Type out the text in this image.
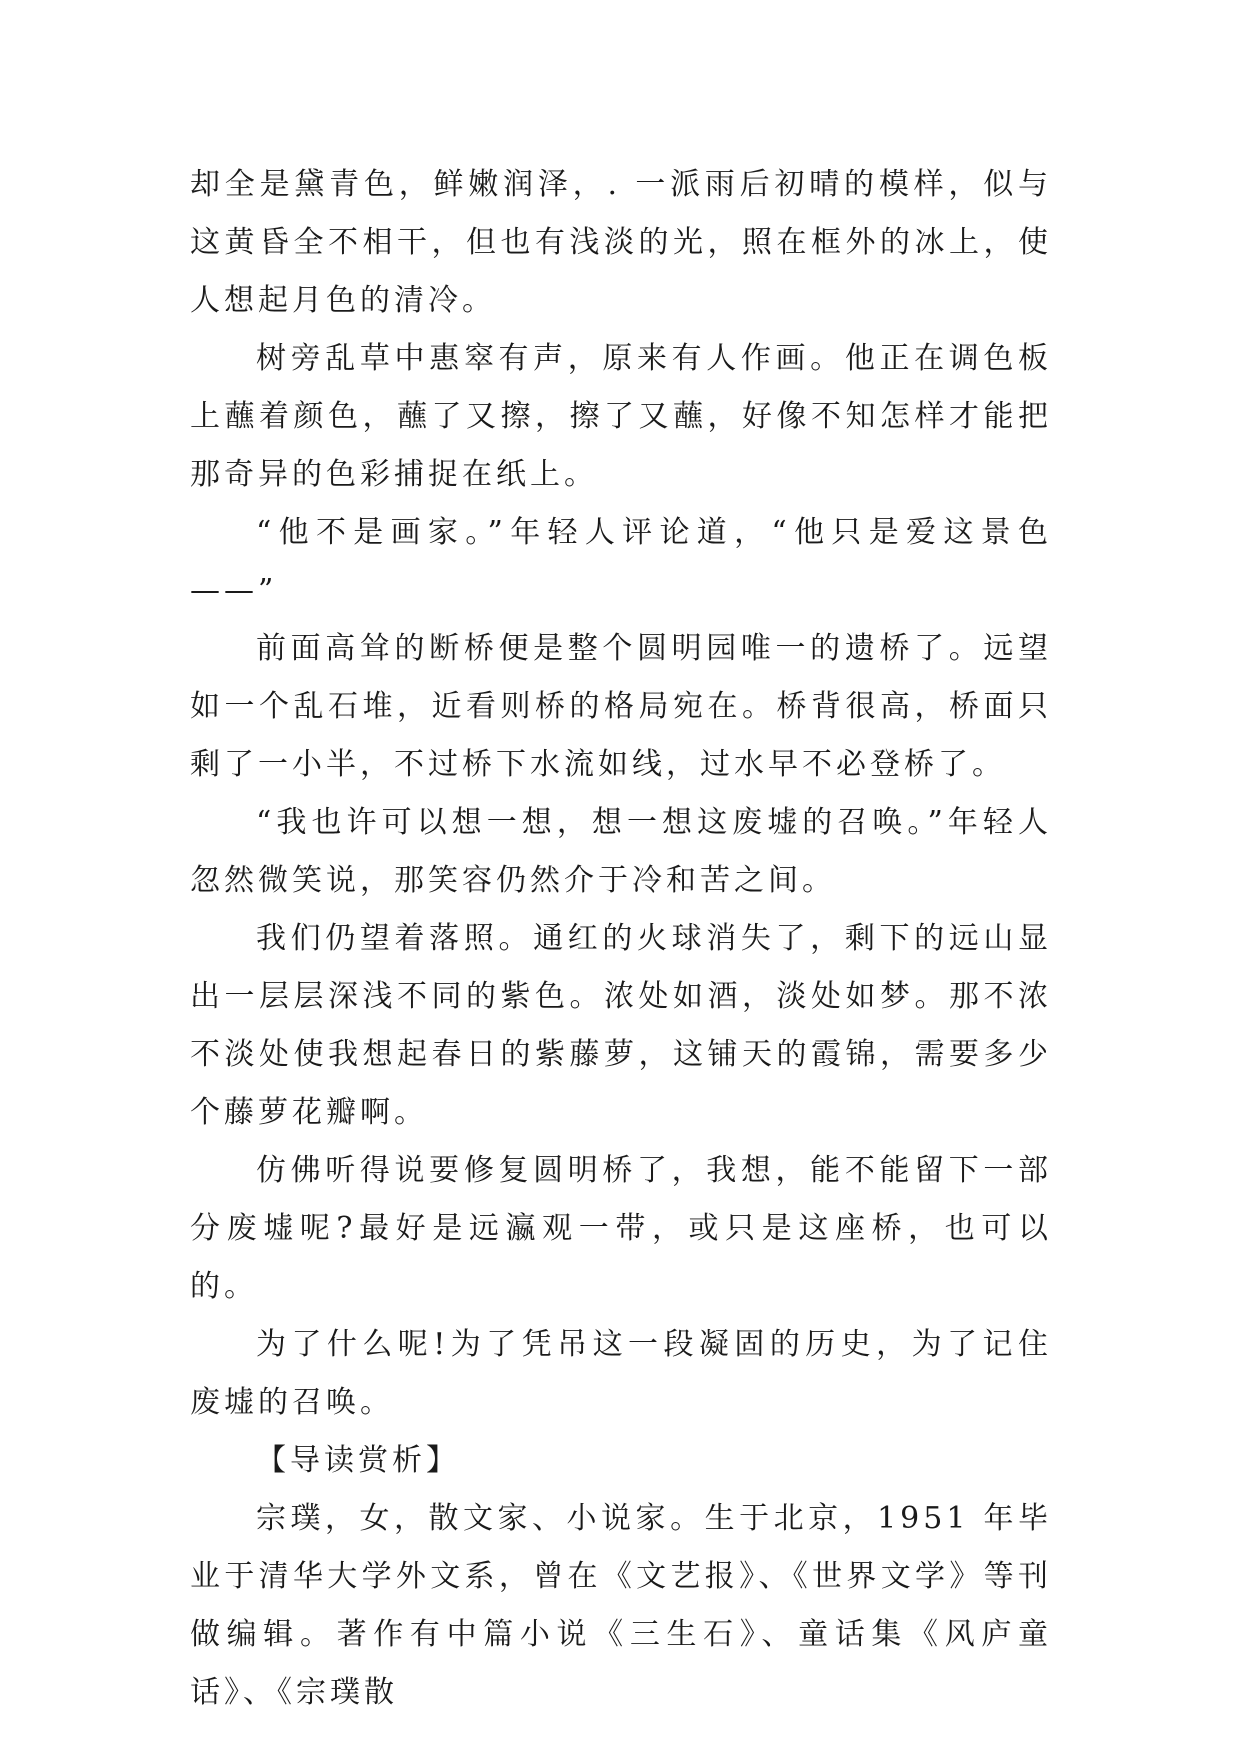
却全是黛青色，鲜嫩润泽，. 一派雨后初晴的模样，似与这黄昏全不相干，但也有浅淡的光，照在框外的冰上，使人想起月色的清冷。

树旁乱草中惠窣有声，原来有人作画。他正在调色板上蘸着颜色，蘸了又擦，擦了又蘸，好像不知怎样才能把那奇异的色彩捕捉在纸上。

“他不是画家。”年轻人评论道，“他只是爱这景色——”

前面高耸的断桥便是整个圆明园唯一的遗桥了。远望如一个乱石堆，近看则桥的格局宛在。桥背很高，桥面只剩了一小半，不过桥下水流如线，过水早不必登桥了。

“我也许可以想一想，想一想这废墟的召唤。”年轻人忽然微笑说，那笑容仍然介于冷和苦之间。

我们仍望着落照。通红的火球消失了，剩下的远山显出一层层深浅不同的紫色。浓处如酒，淡处如梦。那不浓不淡处使我想起春日的紫藤萝，这铺天的霞锦，需要多少个藤萝花瓣啊。

仿佛听得说要修复圆明桥了，我想，能不能留下一部分废墟呢?最好是远瀛观一带，或只是这座桥，也可以的。

为了什么呢!为了凭吊这一段凝固的历史，为了记住废墟的召唤。

【导读赏析】

宗璞，女，散文家、小说家。生于北京，1951 年毕业于清华大学外文系，曾在《文艺报》、《世界文学》等刊做编辑。著作有中篇小说《三生石》、童话集《风庐童话》、《宗璞散
